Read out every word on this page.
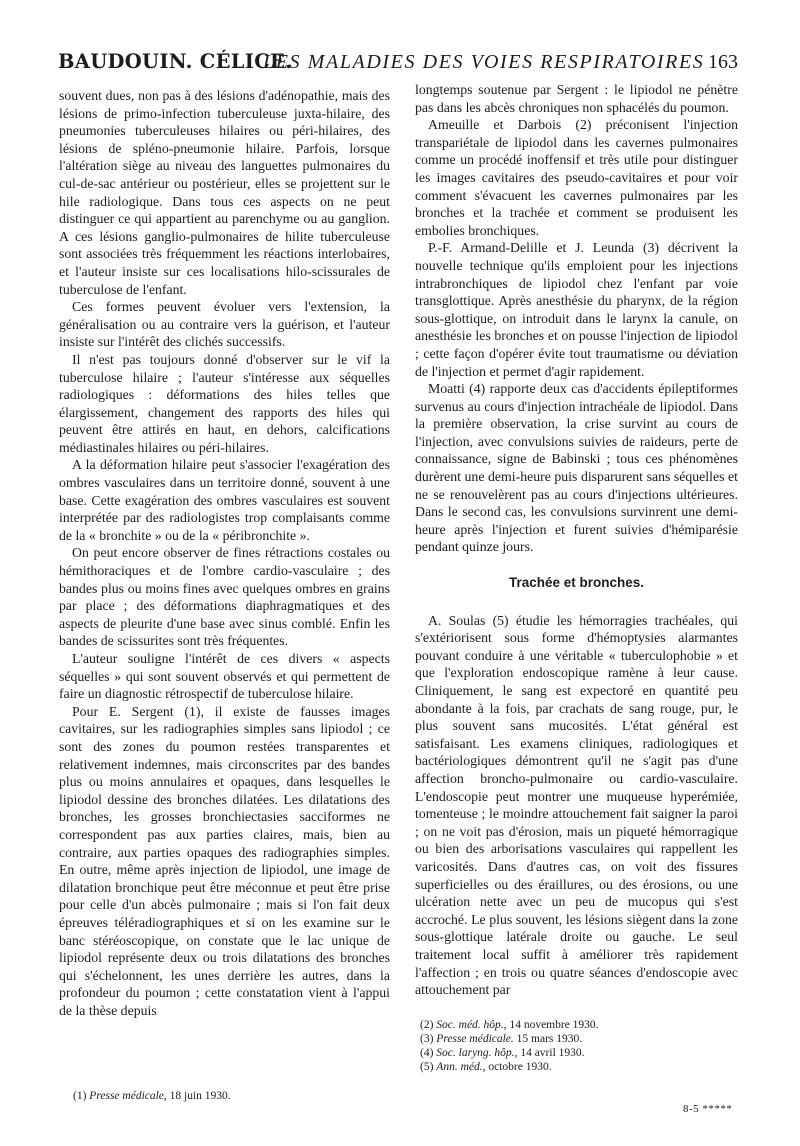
BAUDOUIN. CÉLICE.
LES MALADIES DES VOIES RESPIRATOIRES 163

souvent dues, non pas à des lésions d'adénopathie, mais des lésions de primo-infection tuberculeuse juxta-hilaire, des pneumonies tuberculeuses hilaires ou péri-hilaires, des lésions de spléno-pneumonie hilaire. Parfois, lorsque l'altération siège au niveau des languettes pulmonaires du cul-de-sac antérieur ou postérieur, elles se projettent sur le hile radiologique. Dans tous ces aspects on ne peut distinguer ce qui appartient au parenchyme ou au ganglion. A ces lésions ganglio-pulmonaires de hilite tuberculeuse sont associées très fréquemment les réactions interlobaires, et l'auteur insiste sur ces localisations hilo-scissurales de tuberculose de l'enfant.

Ces formes peuvent évoluer vers l'extension, la généralisation ou au contraire vers la guérison, et l'auteur insiste sur l'intérêt des clichés successifs.

Il n'est pas toujours donné d'observer sur le vif la tuberculose hilaire ; l'auteur s'intéresse aux séquelles radiologiques : déformations des hiles telles que élargissement, changement des rapports des hiles qui peuvent être attirés en haut, en dehors, calcifications médiastinales hilaires ou péri-hilaires.

A la déformation hilaire peut s'associer l'exagération des ombres vasculaires dans un territoire donné, souvent à une base. Cette exagération des ombres vasculaires est souvent interprétée par des radiologistes trop complaisants comme de la « bronchite » ou de la « péribronchite ».

On peut encore observer de fines rétractions costales ou hémithoraciques et de l'ombre cardio-vasculaire ; des bandes plus ou moins fines avec quelques ombres en grains par place ; des déformations diaphragmatiques et des aspects de pleurite d'une base avec sinus comblé. Enfin les bandes de scissurites sont très fréquentes.

L'auteur souligne l'intérêt de ces divers « aspects séquelles » qui sont souvent observés et qui permettent de faire un diagnostic rétrospectif de tuberculose hilaire.

Pour E. Sergent (1), il existe de fausses images cavitaires, sur les radiographies simples sans lipiodol ; ce sont des zones du poumon restées transparentes et relativement indemnes, mais circonscrites par des bandes plus ou moins annulaires et opaques, dans lesquelles le lipiodol dessine des bronches dilatées. Les dilatations des bronches, les grosses bronchiectasies sacciformes ne correspondent pas aux parties claires, mais, bien au contraire, aux parties opaques des radiographies simples. En outre, même après injection de lipiodol, une image de dilatation bronchique peut être méconnue et peut être prise pour celle d'un abcès pulmonaire ; mais si l'on fait deux épreuves téléradiographiques et si on les examine sur le banc stéréoscopique, on constate que le lac unique de lipiodol représente deux ou trois dilatations des bronches qui s'échelonnent, les unes derrière les autres, dans la profondeur du poumon ; cette constatation vient à l'appui de la thèse depuis

longtemps soutenue par Sergent : le lipiodol ne pénètre pas dans les abcès chroniques non sphacélés du poumon.

Ameuille et Darbois (2) préconisent l'injection transpariétale de lipiodol dans les cavernes pulmonaires comme un procédé inoffensif et très utile pour distinguer les images cavitaires des pseudo-cavitaires et pour voir comment s'évacuent les cavernes pulmonaires par les bronches et la trachée et comment se produisent les embolies bronchiques.

P.-F. Armand-Delille et J. Leunda (3) décrivent la nouvelle technique qu'ils emploient pour les injections intrabronchiques de lipiodol chez l'enfant par voie transglottique. Après anesthésie du pharynx, de la région sous-glottique, on introduit dans le larynx la canule, on anesthésie les bronches et on pousse l'injection de lipiodol ; cette façon d'opérer évite tout traumatisme ou déviation de l'injection et permet d'agir rapidement.

Moatti (4) rapporte deux cas d'accidents épileptiformes survenus au cours d'injection intrachéale de lipiodol. Dans la première observation, la crise survint au cours de l'injection, avec convulsions suivies de raideurs, perte de connaissance, signe de Babinski ; tous ces phénomènes durèrent une demi-heure puis disparurent sans séquelles et ne se renouvelèrent pas au cours d'injections ultérieures. Dans le second cas, les convulsions survinrent une demi-heure après l'injection et furent suivies d'hémiparésie pendant quinze jours.

Trachée et bronches.

A. Soulas (5) étudie les hémorragies trachéales, qui s'extériorisent sous forme d'hémoptysies alarmantes pouvant conduire à une véritable « tuberculophobie » et que l'exploration endoscopique ramène à leur cause. Cliniquement, le sang est expectoré en quantité peu abondante à la fois, par crachats de sang rouge, pur, le plus souvent sans mucosités. L'état général est satisfaisant. Les examens cliniques, radiologiques et bactériologiques démontrent qu'il ne s'agit pas d'une affection broncho-pulmonaire ou cardio-vasculaire. L'endoscopie peut montrer une muqueuse hyperémiée, tomenteuse ; le moindre attouchement fait saigner la paroi ; on ne voit pas d'érosion, mais un piqueté hémorragique ou bien des arborisations vasculaires qui rappellent les varicosités. Dans d'autres cas, on voit des fissures superficielles ou des éraillures, ou des érosions, ou une ulcération nette avec un peu de mucopus qui s'est accroché. Le plus souvent, les lésions siègent dans la zone sous-glottique latérale droite ou gauche. Le seul traitement local suffit à améliorer très rapidement l'affection ; en trois ou quatre séances d'endoscopie avec attouchement par

(1) Presse médicale, 18 juin 1930.
(2) Soc. méd. hôp., 14 novembre 1930.
(3) Presse médicale. 15 mars 1930.
(4) Soc. laryng. hôp., 14 avril 1930.
(5) Ann. méd., octobre 1930.
8-5 *****
